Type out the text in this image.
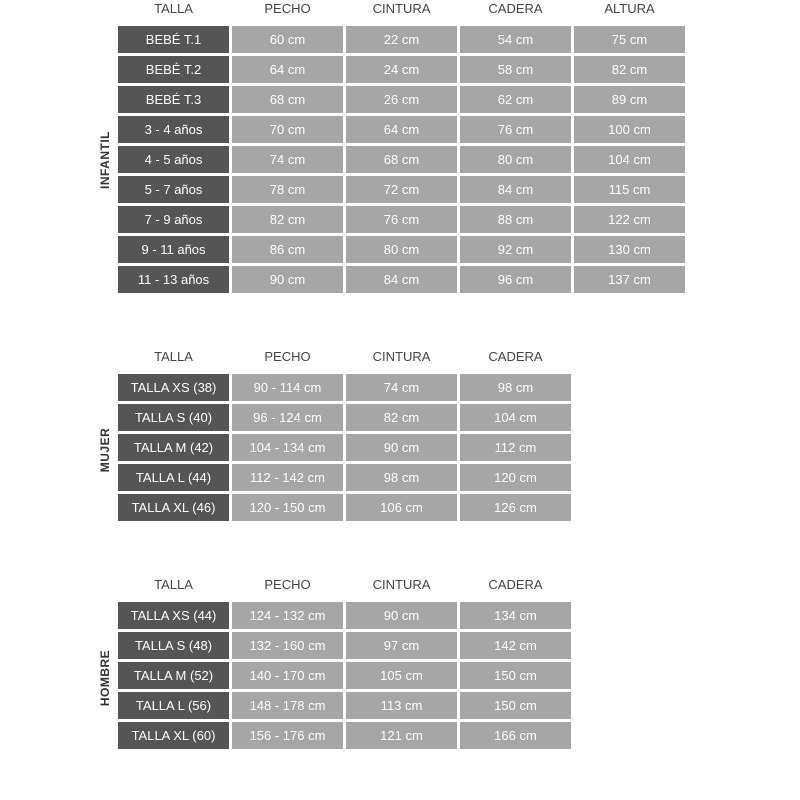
INFANTIL
TALLA	PECHO	CINTURA	CADERA	ALTURA
BEBÉ T.1	60 cm	22 cm	54 cm	75 cm
BEBÉ T.2	64 cm	24 cm	58 cm	82 cm
BEBÉ T.3	68 cm	26 cm	62 cm	89 cm
3 - 4 años	70 cm	64 cm	76 cm	100 cm
4 - 5 años	74 cm	68 cm	80 cm	104 cm
5 - 7 años	78 cm	72 cm	84 cm	115 cm
7 - 9 años	82 cm	76 cm	88 cm	122 cm
9 - 11 años	86 cm	80 cm	92 cm	130 cm
11 - 13 años	90 cm	84 cm	96 cm	137 cm
MUJER
TALLA	PECHO	CINTURA	CADERA
TALLA XS (38)	90 - 114 cm	74 cm	98 cm
TALLA S (40)	96 - 124 cm	82 cm	104 cm
TALLA M (42)	104 - 134 cm	90 cm	112 cm
TALLA L (44)	112 - 142 cm	98 cm	120 cm
TALLA XL (46)	120 - 150 cm	106 cm	126 cm
HOMBRE
TALLA	PECHO	CINTURA	CADERA
TALLA XS (44)	124 - 132 cm	90 cm	134 cm
TALLA S (48)	132 - 160 cm	97 cm	142 cm
TALLA M (52)	140 - 170 cm	105 cm	150 cm
TALLA L (56)	148 - 178 cm	113 cm	150 cm
TALLA XL (60)	156 - 176 cm	121 cm	166 cm
